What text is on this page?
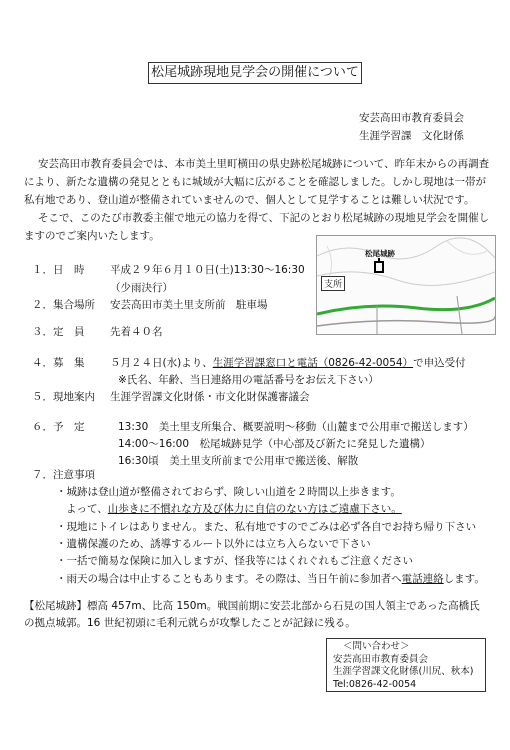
松尾城跡現地見学会の開催について
安芸高田市教育委員会
生涯学習課　文化財係
安芸高田市教育委員会では、本市美土里町横田の県史跡松尾城跡について、昨年末からの再調査
により、新たな遺構の発見とともに城域が大幅に広がることを確認しました。しかし現地は一帯が
私有地であり、登山道が整備されていませんので、個人として見学することは難しい状況です。
そこで、このたび市教委主催で地元の協力を得て、下記のとおり松尾城跡の現地見学会を開催し
ますのでご案内いたします。
１．日　時 平成２９年６月１０日(土)13:30～16:30
（少雨決行）
２．集合場所 安芸高田市美土里支所前　駐車場
３．定　員 先着４０名
松尾城跡
支所
４．募　集 ５月２４日(水)より、生涯学習課窓口と電話（0826-42-0054）で申込受付
※氏名、年齢、当日連絡用の電話番号をお伝え下さい）
５．現地案内 生涯学習課文化財係・市文化財保護審議会
６．予　定	13:30　美土里支所集合、概要説明～移動（山麓まで公用車で搬送します）
14:00～16:00　松尾城跡見学（中心部及び新たに発見した遺構）
16:30頃　美土里支所前まで公用車で搬送後、解散
７．注意事項
・城跡は登山道が整備されておらず、険しい山道を２時間以上歩きます。
よって、山歩きに不慣れな方及び体力に自信のない方はご遠慮下さい。
・現地にトイレはありません。また、私有地ですのでごみは必ず各自でお持ち帰り下さい
・遺構保護のため、誘導するルート以外には立ち入らないで下さい
・一括で簡易な保険に加入しますが、怪我等にはくれぐれもご注意ください
・雨天の場合は中止することもあります。その際は、当日午前に参加者へ電話連絡します。
【松尾城跡】標高 457m、比高 150m。戦国前期に安芸北部から石見の国人領主であった高橋氏
の拠点城郭。16 世紀初頭に毛利元就らが攻撃したことが記録に残る。
＜問い合わせ＞
安芸高田市教育委員会
生涯学習課文化財係(川尻、秋本)
Tel:0826-42-0054
